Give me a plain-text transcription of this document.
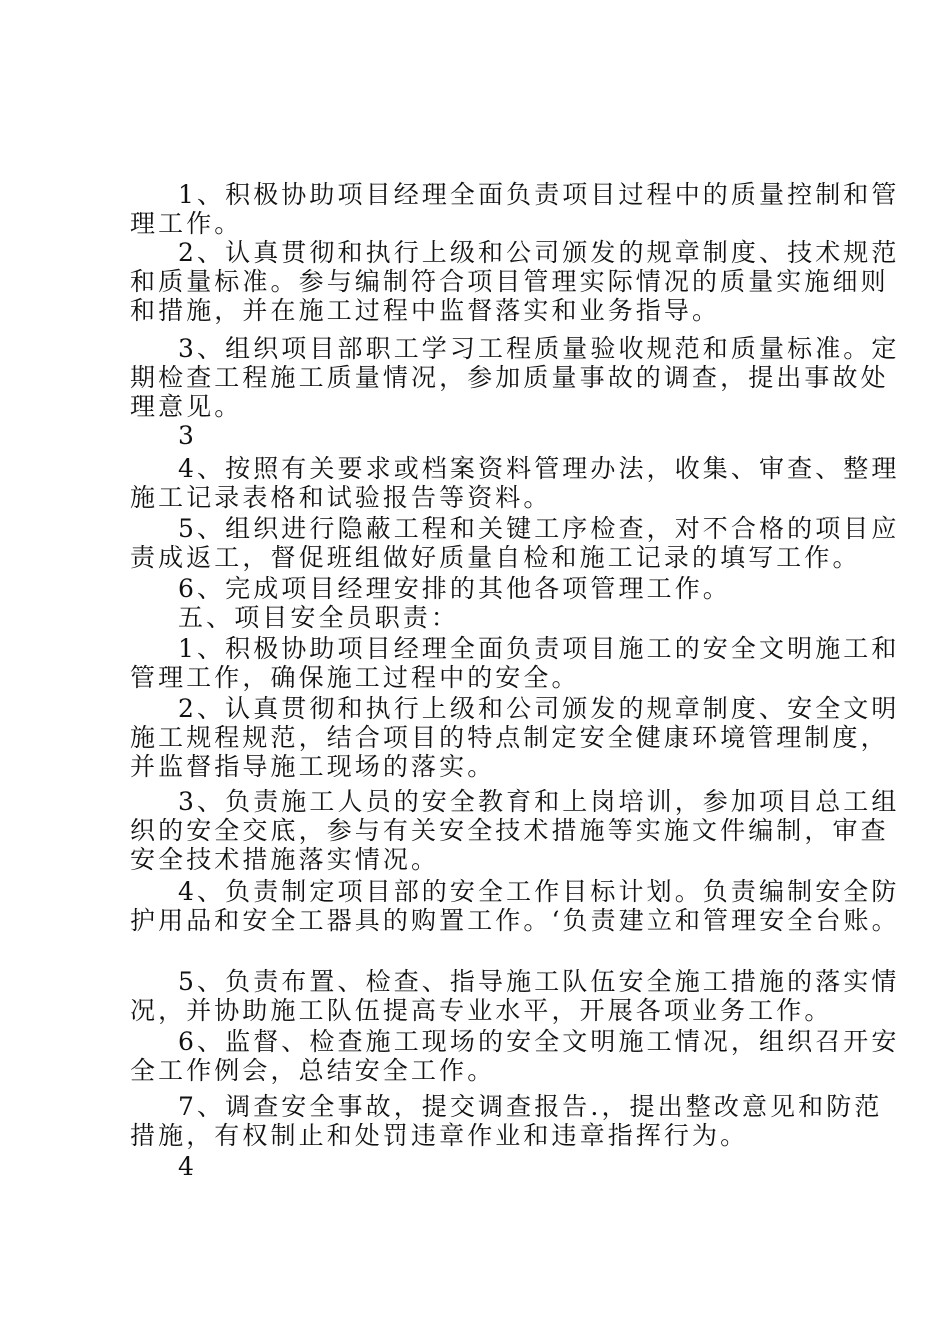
1、积极协助项目经理全面负责项目过程中的质量控制和管
理工作。
2、认真贯彻和执行上级和公司颁发的规章制度、技术规范
和质量标准。参与编制符合项目管理实际情况的质量实施细则
和措施，并在施工过程中监督落实和业务指导。
3、组织项目部职工学习工程质量验收规范和质量标准。定
期检查工程施工质量情况，参加质量事故的调查，提出事故处
理意见。
3
4、按照有关要求或档案资料管理办法，收集、审查、整理
施工记录表格和试验报告等资料。
5、组织进行隐蔽工程和关键工序检查，对不合格的项目应
责成返工，督促班组做好质量自检和施工记录的填写工作。
6、完成项目经理安排的其他各项管理工作。
五、项目安全员职责：
1、积极协助项目经理全面负责项目施工的安全文明施工和
管理工作，确保施工过程中的安全。
2、认真贯彻和执行上级和公司颁发的规章制度、安全文明
施工规程规范，结合项目的特点制定安全健康环境管理制度，
并监督指导施工现场的落实。
3、负责施工人员的安全教育和上岗培训，参加项目总工组
织的安全交底，参与有关安全技术措施等实施文件编制，审查
安全技术措施落实情况。
4、负责制定项目部的安全工作目标计划。负责编制安全防
护用品和安全工器具的购置工作。‘负责建立和管理安全台账。
5、负责布置、检查、指导施工队伍安全施工措施的落实情
况，并协助施工队伍提高专业水平，开展各项业务工作。
6、监督、检查施工现场的安全文明施工情况，组织召开安
全工作例会，总结安全工作。
7、调查安全事故，提交调查报告.，提出整改意见和防范
措施，有权制止和处罚违章作业和违章指挥行为。
4
